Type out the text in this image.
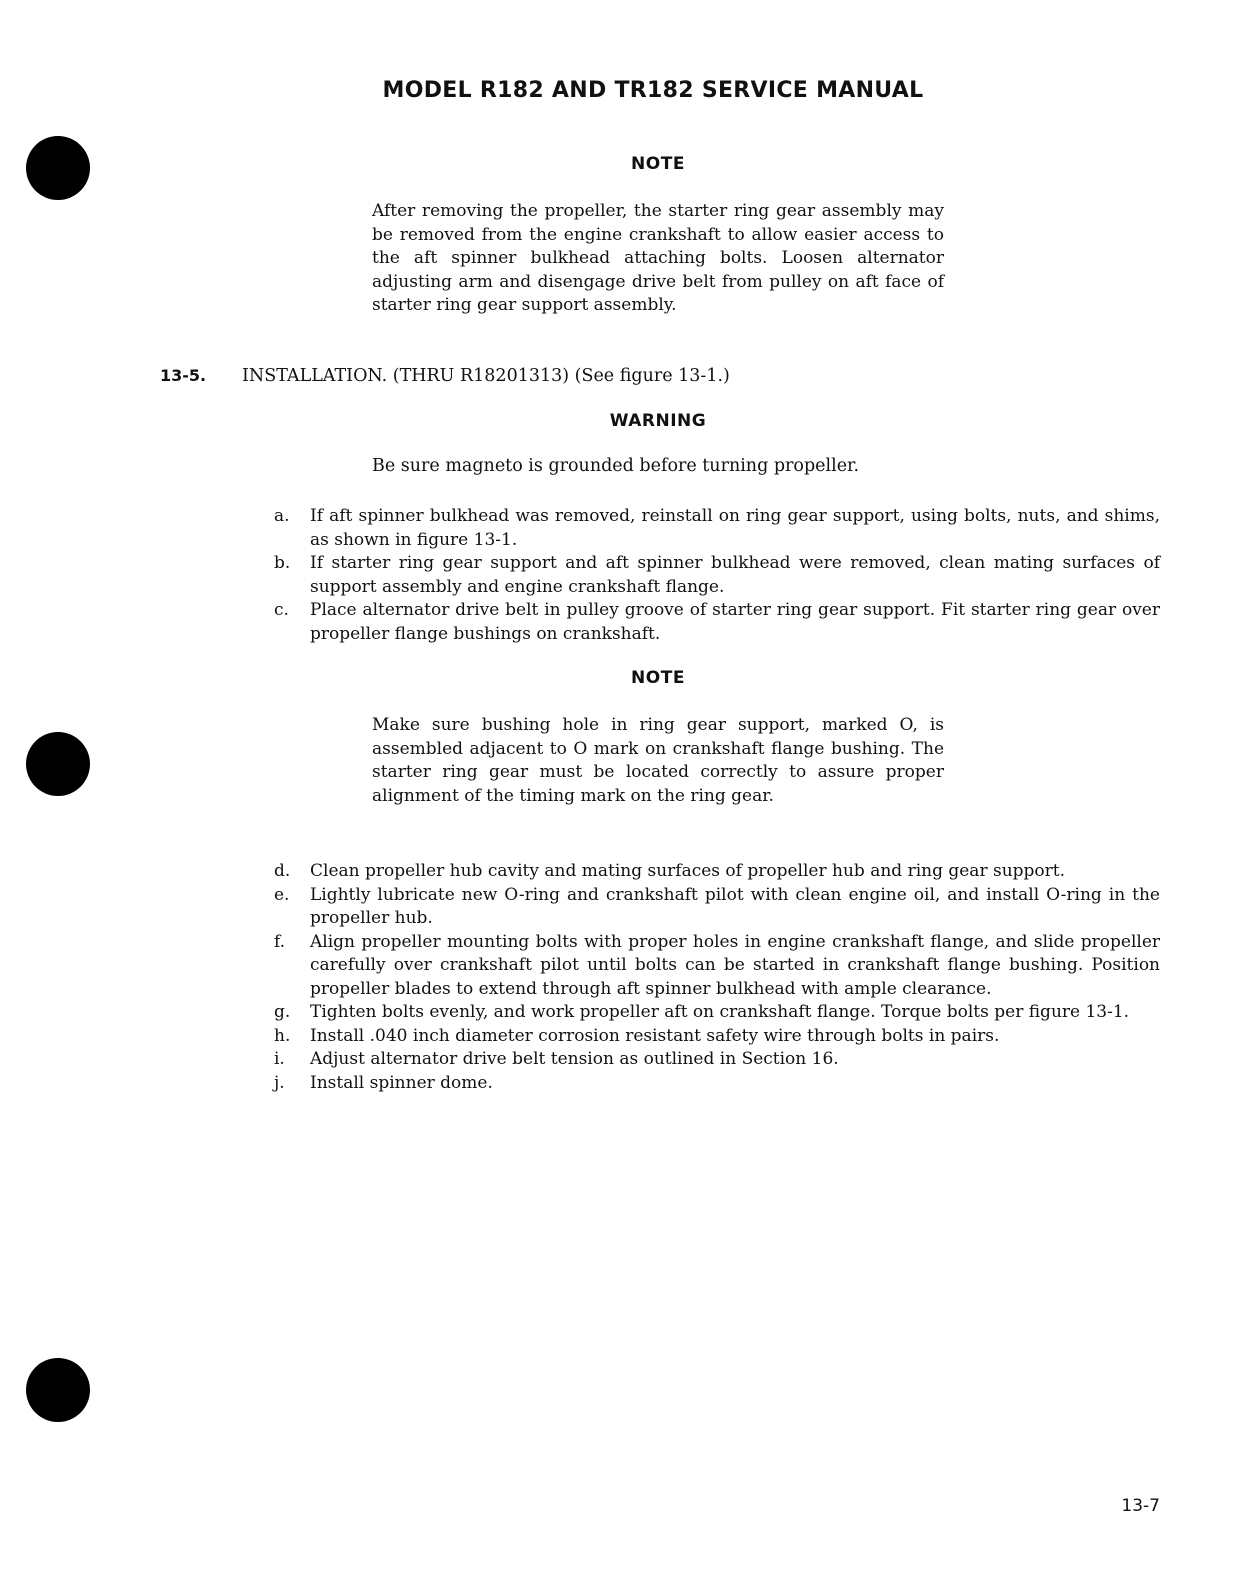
MODEL R182 AND TR182 SERVICE MANUAL
NOTE
After removing the propeller, the starter ring gear assembly may be removed from the engine crankshaft to allow easier access to the aft spinner bulkhead attaching bolts. Loosen alternator adjusting arm and disengage drive belt from pulley on aft face of starter ring gear support assembly.
13-5. INSTALLATION. (THRU R18201313) (See figure 13-1.)
WARNING
Be sure magneto is grounded before turning propeller.
a. If aft spinner bulkhead was removed, reinstall on ring gear support, using bolts, nuts, and shims, as shown in figure 13-1.
b. If starter ring gear support and aft spinner bulkhead were removed, clean mating surfaces of support assembly and engine crankshaft flange.
c. Place alternator drive belt in pulley groove of starter ring gear support. Fit starter ring gear over propeller flange bushings on crankshaft.
NOTE
Make sure bushing hole in ring gear support, marked O, is assembled adjacent to O mark on crankshaft flange bushing. The starter ring gear must be located correctly to assure proper alignment of the timing mark on the ring gear.
d. Clean propeller hub cavity and mating surfaces of propeller hub and ring gear support.
e. Lightly lubricate new O-ring and crankshaft pilot with clean engine oil, and install O-ring in the propeller hub.
f. Align propeller mounting bolts with proper holes in engine crankshaft flange, and slide propeller carefully over crankshaft pilot until bolts can be started in crankshaft flange bushing. Position propeller blades to extend through aft spinner bulkhead with ample clearance.
g. Tighten bolts evenly, and work propeller aft on crankshaft flange. Torque bolts per figure 13-1.
h. Install .040 inch diameter corrosion resistant safety wire through bolts in pairs.
i. Adjust alternator drive belt tension as outlined in Section 16.
j. Install spinner dome.
13-7
